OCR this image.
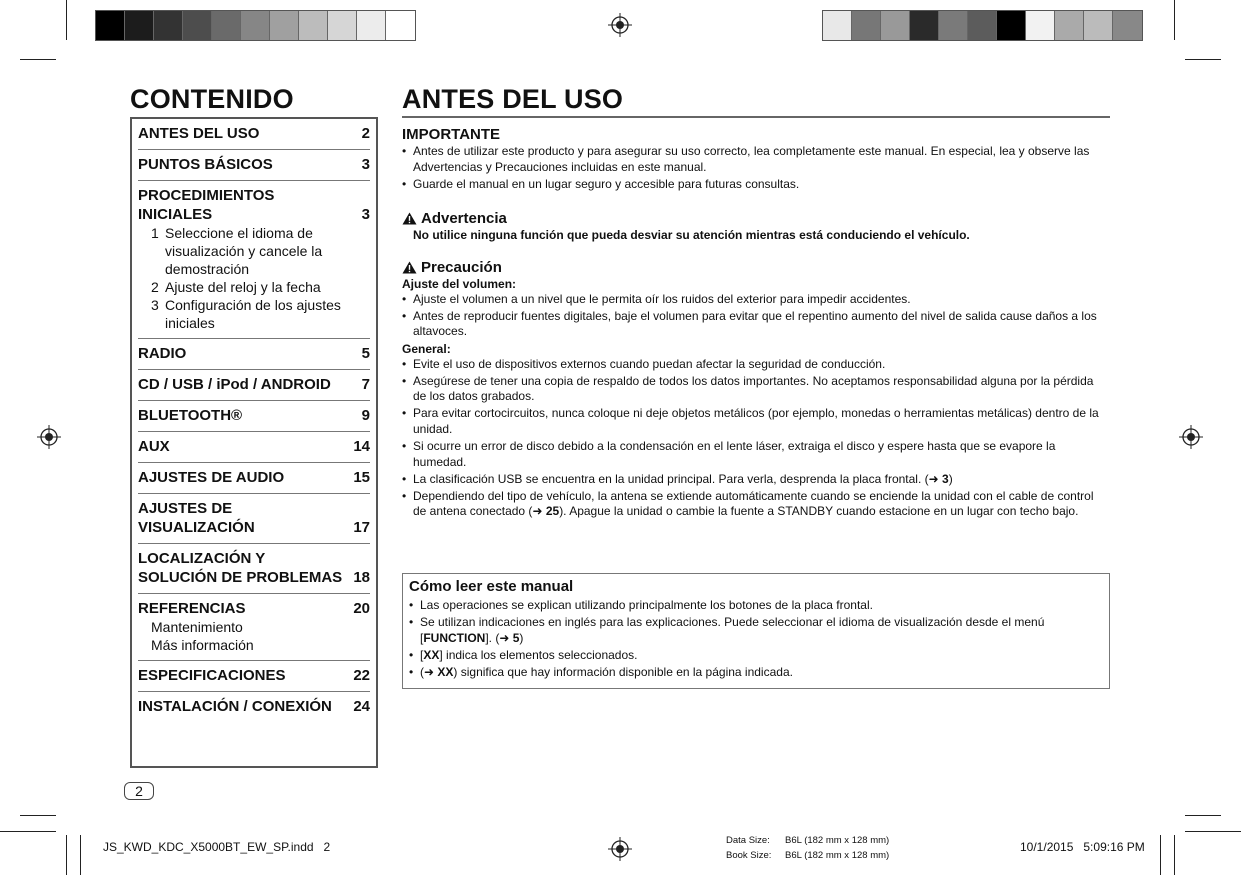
CONTENIDO	ANTES DEL USO
ANTES DEL USO	2
PUNTOS BÁSICOS	3
PROCEDIMIENTOS INICIALES	3
1 Seleccione el idioma de visualización y cancele la demostración
2 Ajuste del reloj y la fecha
3 Configuración de los ajustes iniciales
RADIO	5
CD / USB / iPod / ANDROID	7
BLUETOOTH®	9
AUX	14
AJUSTES DE AUDIO	15
AJUSTES DE VISUALIZACIÓN	17
LOCALIZACIÓN Y SOLUCIÓN DE PROBLEMAS 18
REFERENCIAS	20
Mantenimiento
Más información
ESPECIFICACIONES	22
INSTALACIÓN / CONEXIÓN	24
IMPORTANTE
• Antes de utilizar este producto y para asegurar su uso correcto, lea completamente este manual. En especial, lea y observe las Advertencias y Precauciones incluidas en este manual.
• Guarde el manual en un lugar seguro y accesible para futuras consultas.
Advertencia
No utilice ninguna función que pueda desviar su atención mientras está conduciendo el vehículo.
Precaución
Ajuste del volumen:
• Ajuste el volumen a un nivel que le permita oír los ruidos del exterior para impedir accidentes.
• Antes de reproducir fuentes digitales, baje el volumen para evitar que el repentino aumento del nivel de salida cause daños a los altavoces.
General:
• Evite el uso de dispositivos externos cuando puedan afectar la seguridad de conducción.
• Asegúrese de tener una copia de respaldo de todos los datos importantes. No aceptamos responsabilidad alguna por la pérdida de los datos grabados.
• Para evitar cortocircuitos, nunca coloque ni deje objetos metálicos (por ejemplo, monedas o herramientas metálicas) dentro de la unidad.
• Si ocurre un error de disco debido a la condensación en el lente láser, extraiga el disco y espere hasta que se evapore la humedad.
• La clasificación USB se encuentra en la unidad principal. Para verla, desprenda la placa frontal. (➜ 3)
• Dependiendo del tipo de vehículo, la antena se extiende automáticamente cuando se enciende la unidad con el cable de control de antena conectado (➜ 25). Apague la unidad o cambie la fuente a STANDBY cuando estacione en un lugar con techo bajo.
Cómo leer este manual
• Las operaciones se explican utilizando principalmente los botones de la placa frontal.
• Se utilizan indicaciones en inglés para las explicaciones. Puede seleccionar el idioma de visualización desde el menú [FUNCTION]. (➜ 5)
• [XX] indica los elementos seleccionados.
• (➜ XX) significa que hay información disponible en la página indicada.
2
JS_KWD_KDC_X5000BT_EW_SP.indd   2	Data Size: B6L (182 mm x 128 mm)
Book Size: B6L (182 mm x 128 mm)
10/1/2015   5:09:16 PM
